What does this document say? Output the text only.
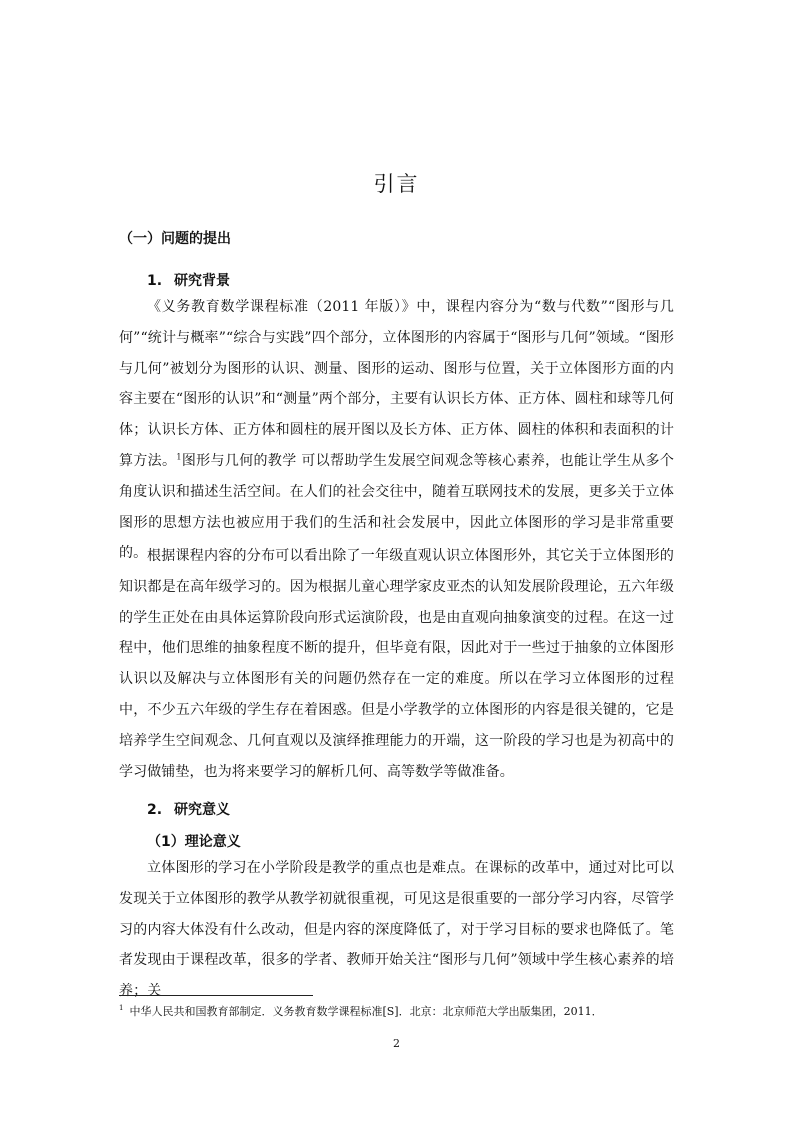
引言
（一）问题的提出
1. 研究背景
《义务教育数学课程标准（2011 年版）》中，课程内容分为“数与代数”“图形与几何”“统计与概率”“综合与实践”四个部分，立体图形的内容属于“图形与几何”领域。“图形与几何”被划分为图形的认识、测量、图形的运动、图形与位置，关于立体图形方面的内容主要在“图形的认识”和“测量”两个部分，主要有认识长方体、正方体、圆柱和球等几何体；认识长方体、正方体和圆柱的展开图以及长方体、正方体、圆柱的体积和表面积的计算方法。$^1$图形与几何的教学 可以帮助学生发展空间观念等核心素养，也能让学生从多个角度认识和描述生活空间。在人们的社会交往中，随着互联网技术的发展，更多关于立体图形的思想方法也被应用于我们的生活和社会发展中，因此立体图形的学习是非常重要的。 根据课程内容的分布可以看出除了一年级直观认识立体图形外，其它关于立体图形的知识都是在高年级学习的。因为根据儿童心理学家皮亚杰的认知发展阶段理论，五六年级的学生正处在由具体运算阶段向形式运演阶段，也是由直观向抽象演变的过程。在这一过程中，他们思维的抽象程度不断的提升，但毕竟有限，因此对于一些过于抽象的立体图形认识以及解决与立体图形有关的问题仍然存在一定的难度。所以在学习立体图形的过程中，不少五六年级的学生存在着困惑。但是小学教学的立体图形的内容是很关键的，它是培养学生空间观念、几何直观以及演绎推理能力的开端，这一阶段的学习也是为初高中的学习做铺垫，也为将来要学习的解析几何、高等数学等做准备。
2. 研究意义
（1）理论意义
立体图形的学习在小学阶段是教学的重点也是难点。在课标的改革中，通过对比可以发现关于立体图形的教学从教学初就很重视，可见这是很重要的一部分学习内容，尽管学习的内容大体没有什么改动，但是内容的深度降低了，对于学习目标的要求也降低了。笔者发现由于课程改革，很多的学者、教师开始关注“图形与几何”领域中学生核心素养的培养；关
$^1$ 中华人民共和国教育部制定．义务教育数学课程标准[S]．北京：北京师范大学出版集团，2011．
2
